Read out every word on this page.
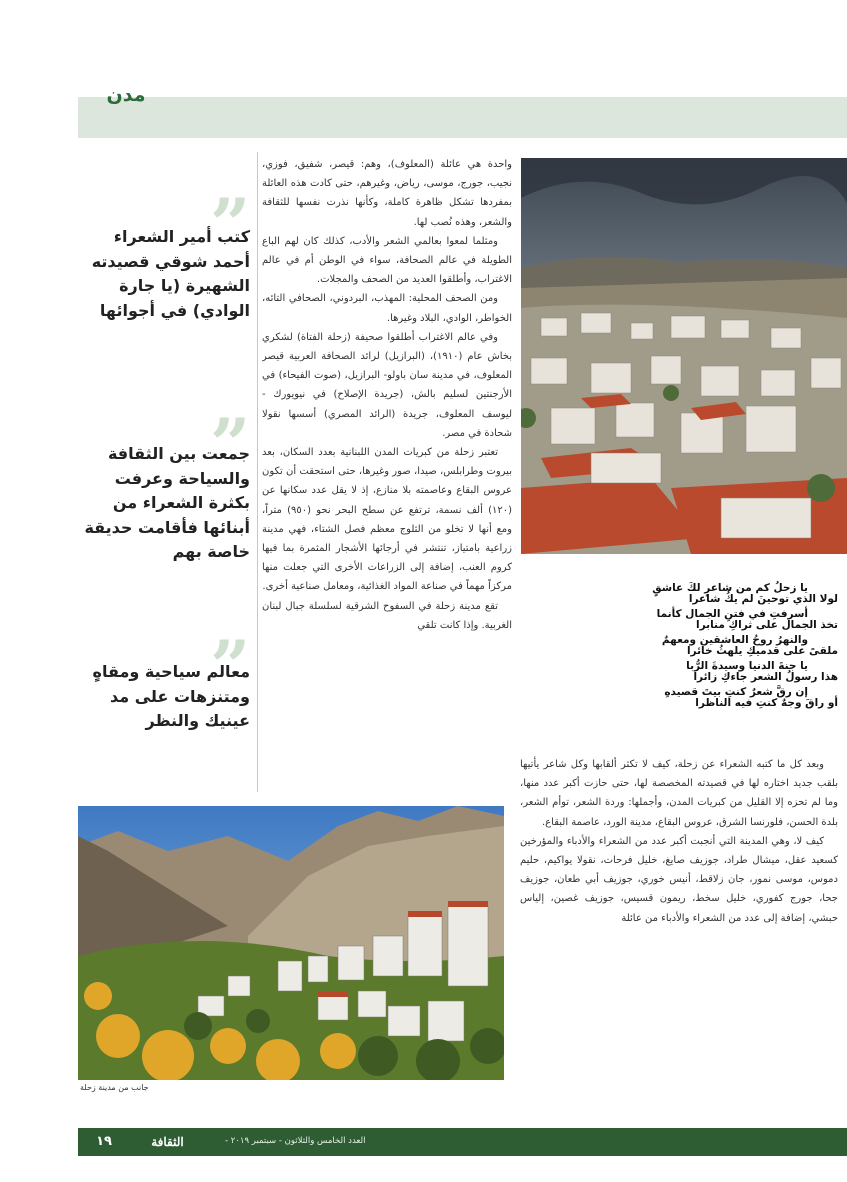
مدن

واحدة هي عائلة (المعلوف)، وهم: قيصر، شفيق، فوزي، نجيب، جورج، موسى، رياض، وغيرهم، حتى كادت هذه العائلة بمفردها تشكل ظاهرة كاملة، وكأنها نذرت نفسها للثقافة والشعر، وهذه نُصب لها.

ومثلما لمعوا بعالمي الشعر والأدب، كذلك كان لهم الباع الطويلة في عالم الصحافة، سواء في الوطن أم في عالم الاغتراب، وأطلقوا العديد من الصحف والمجلات.

ومن الصحف المحلية: المهذب، البردوني، الصحافي التائه، الخواطر، الوادي، البلاد وغيرها.

وفي عالم الاغتراب أطلقوا صحيفة (زحلة الفتاة) لشكري بخاش عام (١٩١٠)، (البرازيل) لرائد الصحافة العربية قيصر المعلوف، في مدينة سان باولو- البرازيل، (صوت الفيحاء) في الأرجنتين لسليم بالش، (جريدة الإصلاح) في نيويورك - ليوسف المعلوف، جريدة (الرائد المصري) أسسها نقولا شحادة في مصر.

تعتبر زحلة من كبريات المدن اللبنانية بعدد السكان، بعد بيروت وطرابلس، صيدا، صور وغيرها، حتى استحقت أن تكون عروس البقاع وعاصمته بلا منازع، إذ لا يقل عدد سكانها عن (١٢٠) ألف نسمة، ترتفع عن سطح البحر نحو (٩٥٠) متراً، ومع أنها لا تخلو من الثلوج معظم فصل الشتاء، فهي مدينة زراعية بامتياز، تنتشر في أرجائها الأشجار المثمرة بما فيها كروم العنب، إضافة إلى الزراعات الأخرى التي جعلت منها مركزاً مهماً في صناعة المواد الغذائية، ومعامل صناعية أخرى.

تقع مدينة زحلة في السفوح الشرقية لسلسلة جبال لبنان الغربية. وإذا كانت تلقي

”
كتب أمير الشعراء أحمد شوقي قصيدته الشهيرة (يا جارة الوادي) في أجوائها
”
جمعت بين الثقافة والسياحة وعرفت بكثرة الشعراء من أبنائها فأقامت حديقة خاصة بهم
”
معالم سياحية ومقاهٍ ومتنزهات على مد عينيك والنظر
يا زحلُ كم من شاعرٍ لكَ عاشقٍ
لولا الذي توحينَ لم يكُ شاعرا
أسرفتِ في فتنِ الجمال كأنما
تخذ الجمال على ثراكِ منابرا
والنهرُ روحُ العاشقين ومعهمٌ
ملقىً على قدميكِ يلهثُ خائرا
يا جنةَ الدنيا وسيدةَ الرُّبا
هذا رسولُ الشعر جاءكِ زائرا
إن رقَّ شعرٌ كنتِ بيتَ قصيدهِ
أو راقَ وجهٌ كنتِ فيه الناظرا

وبعد كل ما كتبه الشعراء عن زحلة، كيف لا تكثر ألقابها وكل شاعر يأتيها بلقب جديد اختاره لها في قصيدته المخصصة لها، حتى حازت أكبر عدد منها، وما لم تحزه إلا القليل من كبريات المدن، وأجملها: وردة الشعر، توأم الشعر، بلدة الحسن، فلورنسا الشرق، عروس البقاع، مدينة الورد، عاصمة البقاع.

كيف لا، وهي المدينة التي أنجبت أكبر عدد من الشعراء والأدباء والمؤرخين كسعيد عقل، ميشال طراد، جوزيف صايغ، خليل فرحات، نقولا يواكيم، حليم دموس، موسى نمور، جان زلاقط، أنيس خوري، جوزيف أبي طعان، جوزيف جحا، جورج كفوري، خليل سخط، ريمون قسيس، جوزيف غصين، إلياس حبشي، إضافة إلى عدد من الشعراء والأدباء من عائلة

جانب من مدينة زحلة
١٩	الثقافة	العدد الخامس والثلاثون - سبتمبر ٢٠١٩ -
